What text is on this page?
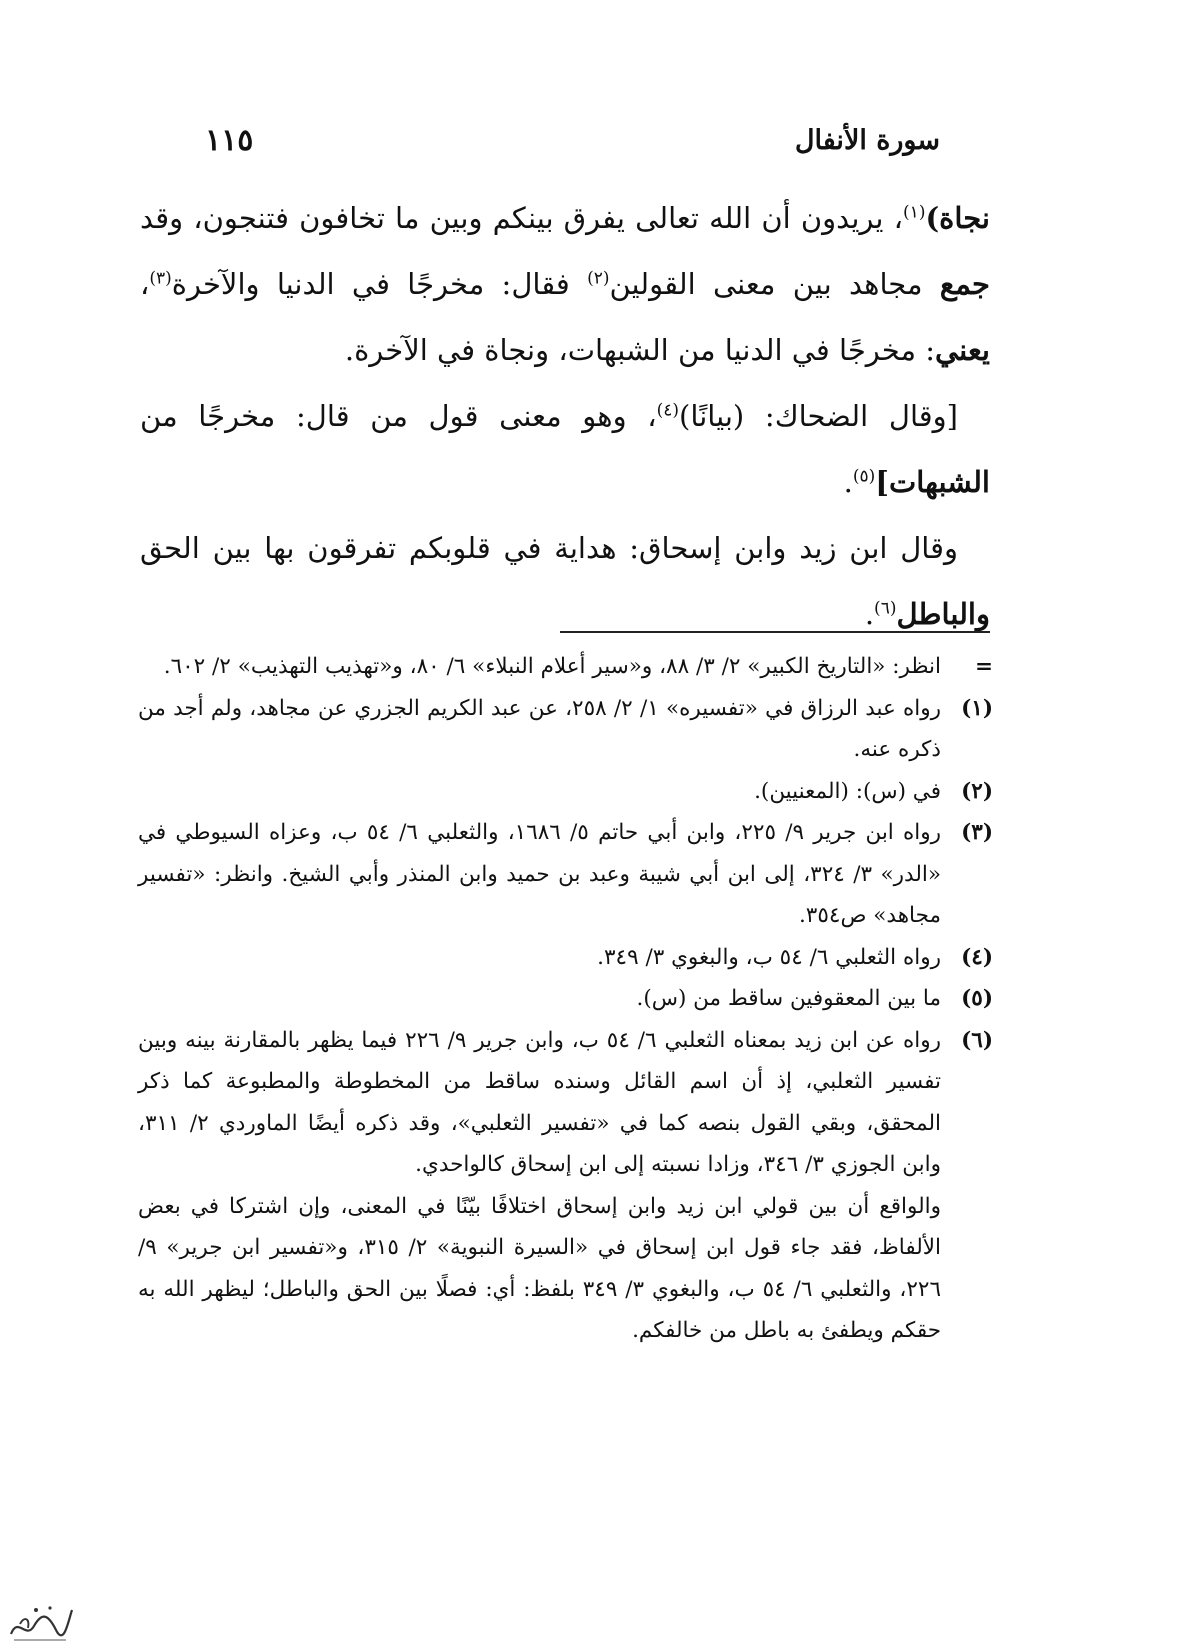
سورة الأنفال
١١٥

نجاة)$^{(١)}$، يريدون أن الله تعالى يفرق بينكم وبين ما تخافون فتنجون، وقد جمع مجاهد بين معنى القولين$^{(٢)}$ فقال: مخرجًا في الدنيا والآخرة$^{(٣)}$، يعني: مخرجًا في الدنيا من الشبهات، ونجاة في الآخرة.

[وقال الضحاك: (بيانًا)$^{(٤)}$، وهو معنى قول من قال: مخرجًا من الشبهات]$^{(٥)}$.

وقال ابن زيد وابن إسحاق: هداية في قلوبكم تفرقون بها بين الحق والباطل$^{(٦)}$.

=
انظر: «التاريخ الكبير» ٢/ ٣/ ٨٨، و«سير أعلام النبلاء» ٦/ ٨٠، و«تهذيب التهذيب» ٢/ ٦٠٢.
(١)
رواه عبد الرزاق في «تفسيره» ١/ ٢/ ٢٥٨، عن عبد الكريم الجزري عن مجاهد، ولم أجد من ذكره عنه.
(٢)
في (س): (المعنيين).
(٣)
رواه ابن جرير ٩/ ٢٢٥، وابن أبي حاتم ٥/ ١٦٨٦، والثعلبي ٦/ ٥٤ ب، وعزاه السيوطي في «الدر» ٣/ ٣٢٤، إلى ابن أبي شيبة وعبد بن حميد وابن المنذر وأبي الشيخ. وانظر: «تفسير مجاهد» ص٣٥٤.
(٤)
رواه الثعلبي ٦/ ٥٤ ب، والبغوي ٣/ ٣٤٩.
(٥)
ما بين المعقوفين ساقط من (س).
(٦)
رواه عن ابن زيد بمعناه الثعلبي ٦/ ٥٤ ب، وابن جرير ٩/ ٢٢٦ فيما يظهر بالمقارنة بينه وبين تفسير الثعلبي، إذ أن اسم القائل وسنده ساقط من المخطوطة والمطبوعة كما ذكر المحقق، وبقي القول بنصه كما في «تفسير الثعلبي»، وقد ذكره أيضًا الماوردي ٢/ ٣١١، وابن الجوزي ٣/ ٣٤٦، وزادا نسبته إلى ابن إسحاق كالواحدي.
والواقع أن بين قولي ابن زيد وابن إسحاق اختلافًا بيّنًا في المعنى، وإن اشتركا في بعض الألفاظ، فقد جاء قول ابن إسحاق في «السيرة النبوية» ٢/ ٣١٥، و«تفسير ابن جرير» ٩/ ٢٢٦، والثعلبي ٦/ ٥٤ ب، والبغوي ٣/ ٣٤٩ بلفظ: أي: فصلًا بين الحق والباطل؛ ليظهر الله به حقكم ويطفئ به باطل من خالفكم.
